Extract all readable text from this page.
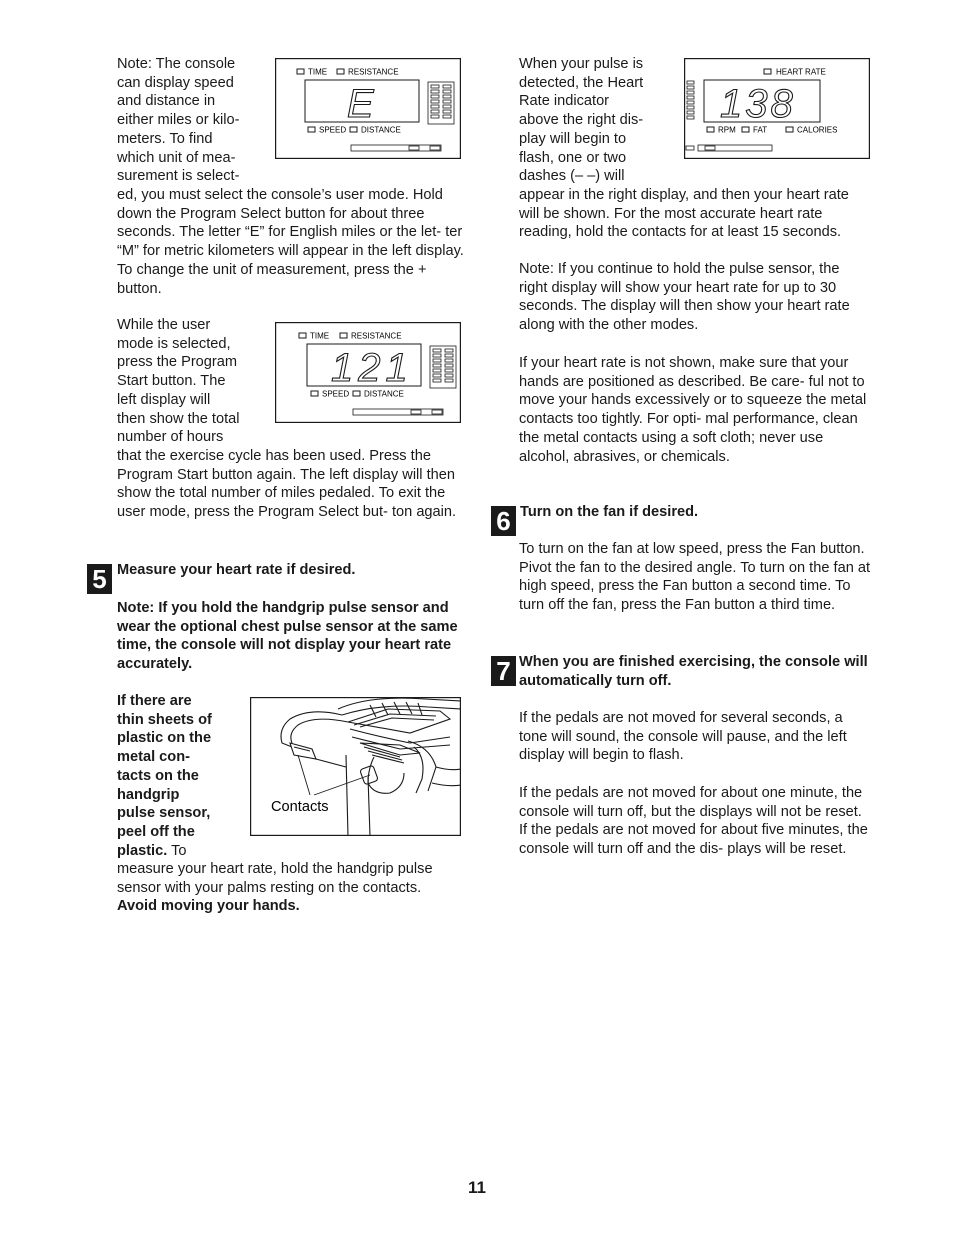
Note: The console
can display speed
and distance in
either miles or kilo-
meters. To find
which unit of mea-
surement is select-

ed, you must select the console’s user mode. Hold down the Program Select button for about three seconds. The letter “E” for English miles or the let- ter “M” for metric kilometers will appear in the left display. To change the unit of measurement, press the + button.

TIME	RESISTANCE
E
SPEED DISTANCE
While the user
mode is selected,
press the Program
Start button. The
left display will
then show the total
number of hours

that the exercise cycle has been used. Press the Program Start button again. The left display will then show the total number of miles pedaled. To exit the user mode, press the Program Select but- ton again.

TIME	RESISTANCE
121
SPEED DISTANCE
5 Measure your heart rate if desired.

Note: If you hold the handgrip pulse sensor and wear the optional chest pulse sensor at the same time, the console will not display your heart rate accurately.

If there are
thin sheets of
plastic on the
metal con-
tacts on the
handgrip
pulse sensor,
peel off the
plastic. To

measure your heart rate, hold the handgrip pulse sensor with your palms resting on the contacts.
Avoid moving your hands.

Contacts
When your pulse is
detected, the Heart
Rate indicator
above the right dis-
play will begin to
flash, one or two
dashes (– –) will

appear in the right display, and then your heart rate will be shown. For the most accurate heart rate reading, hold the contacts for at least 15 seconds.

HEART RATE
138
RPM FAT	CALORIES

Note: If you continue to hold the pulse sensor, the right display will show your heart rate for up to 30 seconds. The display will then show your heart rate along with the other modes.

If your heart rate is not shown, make sure that your hands are positioned as described. Be care- ful not to move your hands excessively or to squeeze the metal contacts too tightly. For opti- mal performance, clean the metal contacts using a soft cloth; never use alcohol, abrasives, or chemicals.

6 Turn on the fan if desired.

To turn on the fan at low speed, press the Fan button. Pivot the fan to the desired angle. To turn on the fan at high speed, press the Fan button a second time. To turn off the fan, press the Fan button a third time.

7 When you are finished exercising, the console will automatically turn off.

If the pedals are not moved for several seconds, a tone will sound, the console will pause, and the left display will begin to flash.

If the pedals are not moved for about one minute, the console will turn off, but the displays will not be reset. If the pedals are not moved for about five minutes, the console will turn off and the dis- plays will be reset.

11
